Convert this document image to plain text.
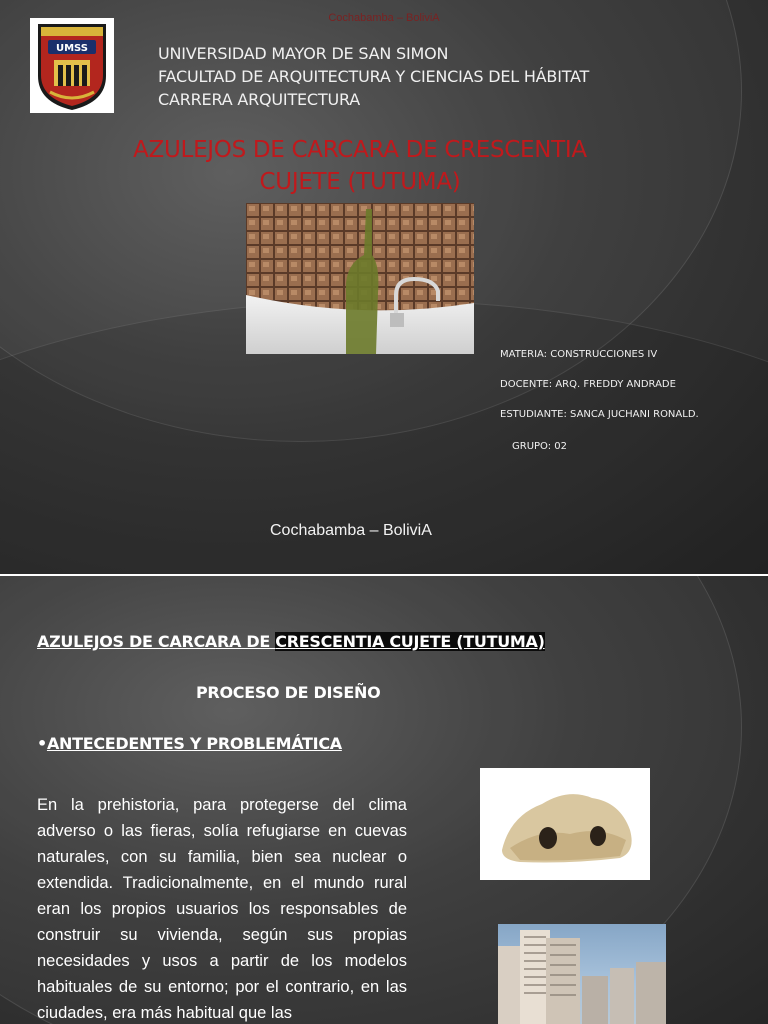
Cochabamba – BoliviA
UMSS	UNIVERSIDAD MAYOR DE SAN SIMON
FACULTAD DE ARQUITECTURA Y CIENCIAS DEL HÁBITAT
CARRERA ARQUITECTURA
AZULEJOS DE CARCARA DE CRESCENTIA
CUJETE (TUTUMA)
MATERIA: CONSTRUCCIONES IV
DOCENTE: ARQ. FREDDY ANDRADE
ESTUDIANTE: SANCA JUCHANI RONALD.
GRUPO: 02
Cochabamba – BoliviA
AZULEJOS DE CARCARA DE CRESCENTIA CUJETE (TUTUMA)
PROCESO DE DISEÑO
•ANTECEDENTES Y PROBLEMÁTICA
En la prehistoria, para protegerse del clima adverso o las fieras, solía refugiarse en cuevas naturales, con su familia, bien sea nuclear o extendida. Tradicionalmente, en el mundo rural eran los propios usuarios los responsables de construir su vivienda, según sus propias necesidades y usos a partir de los modelos habituales de su entorno; por el contrario, en las ciudades, era más habitual que las
